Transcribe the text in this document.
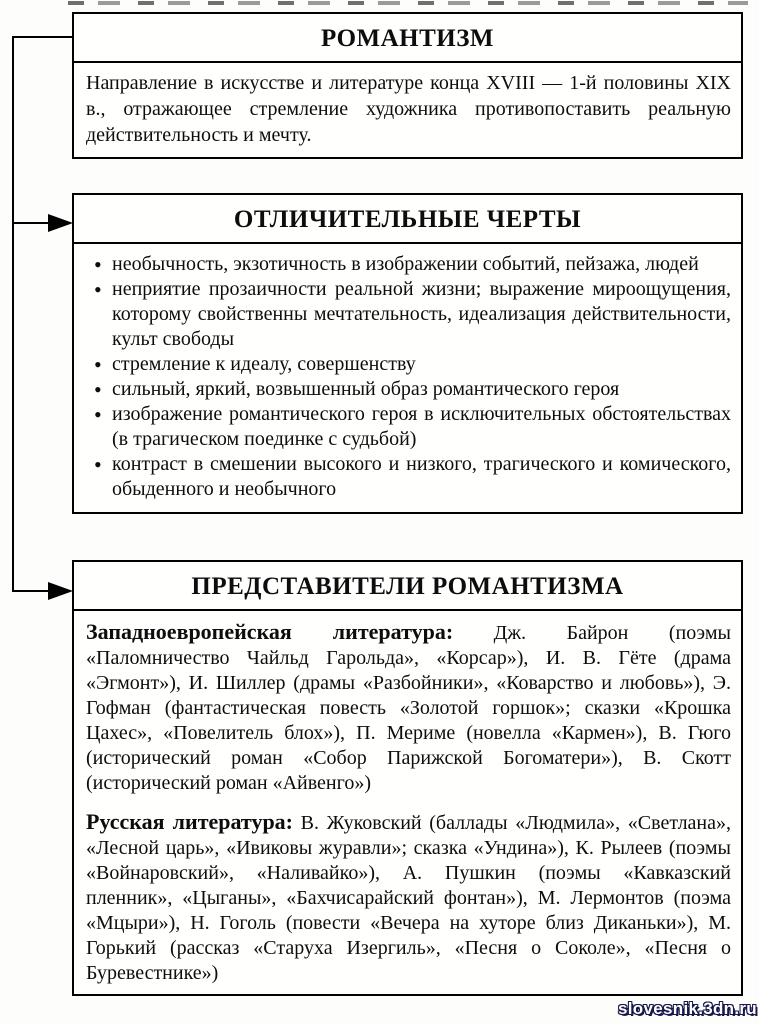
РОМАНТИЗМ
Направление в искусстве и литературе конца XVIII — 1-й половины XIX в., отражающее стремление художника противопоставить реальную действительность и мечту.
ОТЛИЧИТЕЛЬНЫЕ ЧЕРТЫ
• необычность, экзотичность в изображении событий, пейзажа, людей
• неприятие прозаичности реальной жизни; выражение мироощущения, которому свойственны мечтательность, идеализация действительности, культ свободы
• стремление к идеалу, совершенству
• сильный, яркий, возвышенный образ романтического героя
• изображение романтического героя в исключительных обстоятельствах (в трагическом поединке с судьбой)
• контраст в смешении высокого и низкого, трагического и комического, обыденного и необычного
ПРЕДСТАВИТЕЛИ РОМАНТИЗМА

Западноевропейская литература: Дж. Байрон (поэмы «Паломничество Чайльд Гарольда», «Корсар»), И. В. Гёте (драма «Эгмонт»), И. Шиллер (драмы «Разбойники», «Коварство и любовь»), Э. Гофман (фантастическая повесть «Золотой горшок»; сказки «Крошка Цахес», «Повелитель блох»), П. Мериме (новелла «Кармен»), В. Гюго (исторический роман «Собор Парижской Богоматери»), В. Скотт (исторический роман «Айвенго»)

Русская литература: В. Жуковский (баллады «Людмила», «Светлана», «Лесной царь», «Ивиковы журавли»; сказка «Ундина»), К. Рылеев (поэмы «Войнаровский», «Наливайко»), А. Пушкин (поэмы «Кавказский пленник», «Цыганы», «Бахчисарайский фонтан»), М. Лермонтов (поэма «Мцыри»), Н. Гоголь (повести «Вечера на хуторе близ Диканьки»), М. Горький (рассказ «Старуха Изергиль», «Песня о Соколе», «Песня о Буревестнике»)

slovesnik.3dn.ru
